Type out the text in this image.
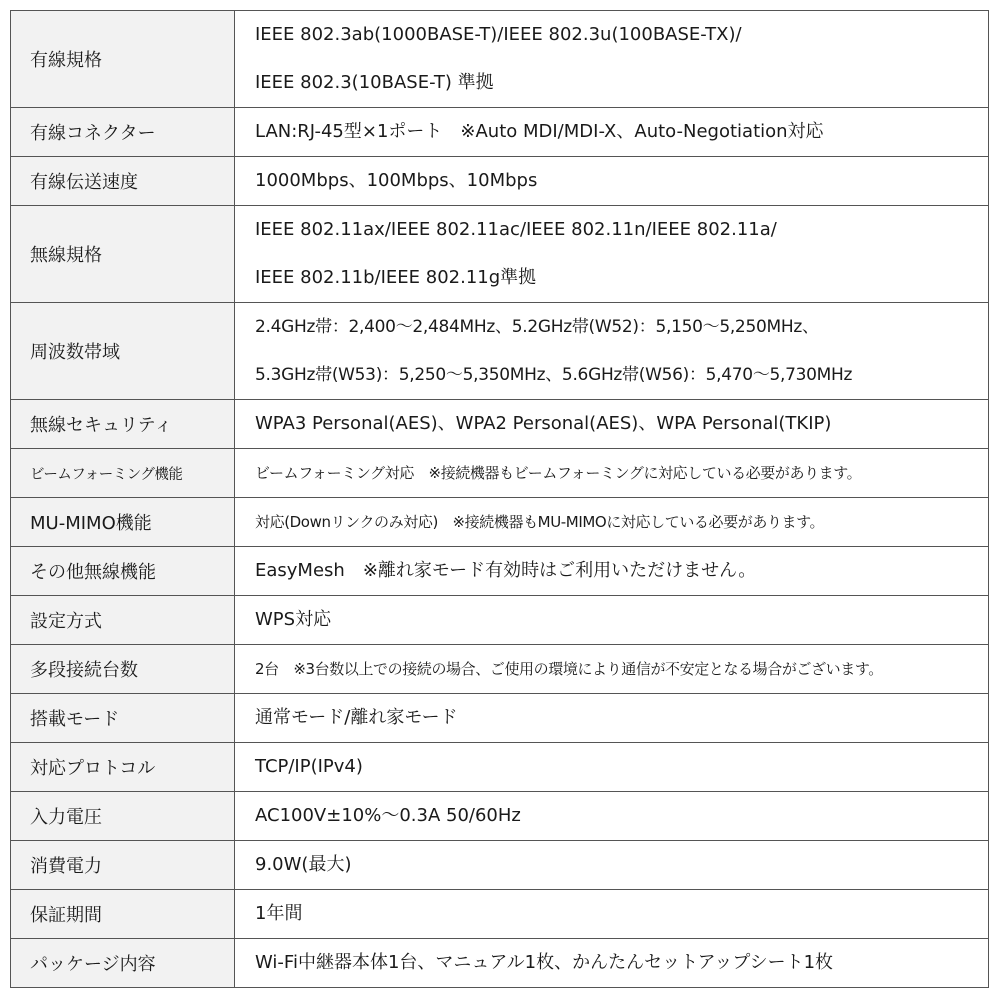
有線規格	IEEE 802.3ab(1000BASE-T)/IEEE 802.3u(100BASE-TX)/
IEEE 802.3(10BASE-T) 準拠

有線コネクター	LAN:RJ-45型×1ポート　※Auto MDI/MDI-X、Auto-Negotiation対応

有線伝送速度	1000Mbps、100Mbps、10Mbps

無線規格	IEEE 802.11ax/IEEE 802.11ac/IEEE 802.11n/IEEE 802.11a/
IEEE 802.11b/IEEE 802.11g準拠

周波数帯域	2.4GHz帯：2,400～2,484MHz、5.2GHz帯(W52)：5,150～5,250MHz、
5.3GHz帯(W53)：5,250～5,350MHz、5.6GHz帯(W56)：5,470～5,730MHz

無線セキュリティ	WPA3 Personal(AES)、WPA2 Personal(AES)、WPA Personal(TKIP)

ビームフォーミング機能	ビームフォーミング対応　※接続機器もビームフォーミングに対応している必要があります。

MU-MIMO機能	対応(Downリンクのみ対応)　※接続機器もMU-MIMOに対応している必要があります。

その他無線機能	EasyMesh　※離れ家モード有効時はご利用いただけません。

設定方式	WPS対応

多段接続台数	2台　※3台数以上での接続の場合、ご使用の環境により通信が不安定となる場合がございます。

搭載モード	通常モード/離れ家モード

対応プロトコル	TCP/IP(IPv4)

入力電圧	AC100V±10%～0.3A 50/60Hz

消費電力	9.0W(最大)

保証期間	1年間

パッケージ内容	Wi-Fi中継器本体1台、マニュアル1枚、かんたんセットアップシート1枚
